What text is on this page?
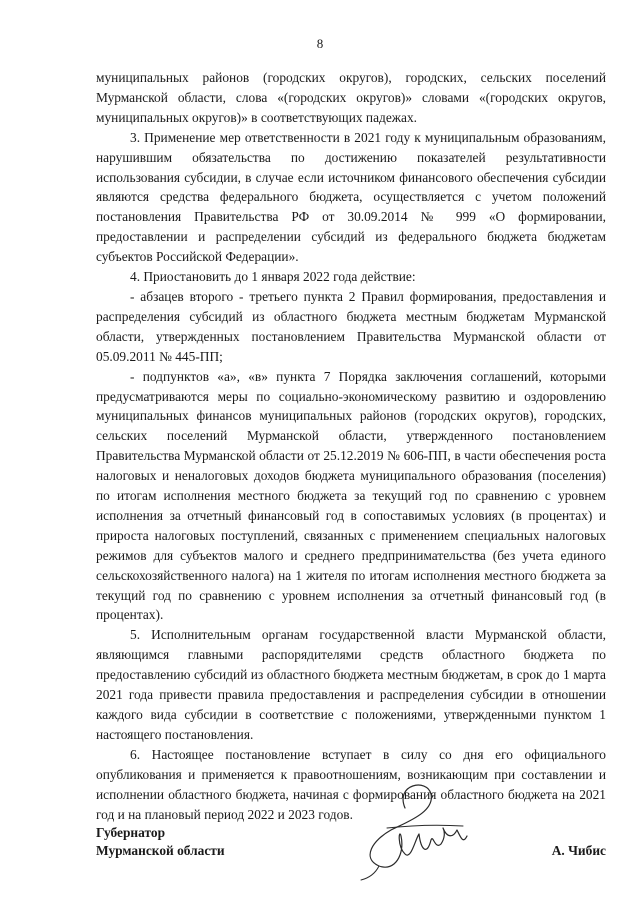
8

муниципальных районов (городских округов), городских, сельских поселений Мурманской области, слова «(городских округов)» словами «(городских округов, муниципальных округов)» в соответствующих падежах.

3. Применение мер ответственности в 2021 году к муниципальным образованиям, нарушившим обязательства по достижению показателей результативности использования субсидии, в случае если источником финансового обеспечения субсидии являются средства федерального бюджета, осуществляется с учетом положений постановления Правительства РФ от 30.09.2014 № 999 «О формировании, предоставлении и распределении субсидий из федерального бюджета бюджетам субъектов Российской Федерации».

4. Приостановить до 1 января 2022 года действие:

- абзацев второго - третьего пункта 2 Правил формирования, предоставления и распределения субсидий из областного бюджета местным бюджетам Мурманской области, утвержденных постановлением Правительства Мурманской области от 05.09.2011 № 445-ПП;

- подпунктов «а», «в» пункта 7 Порядка заключения соглашений, которыми предусматриваются меры по социально-экономическому развитию и оздоровлению муниципальных финансов муниципальных районов (городских округов), городских, сельских поселений Мурманской области, утвержденного постановлением Правительства Мурманской области от 25.12.2019 № 606-ПП, в части обеспечения роста налоговых и неналоговых доходов бюджета муниципального образования (поселения) по итогам исполнения местного бюджета за текущий год по сравнению с уровнем исполнения за отчетный финансовый год в сопоставимых условиях (в процентах) и прироста налоговых поступлений, связанных с применением специальных налоговых режимов для субъектов малого и среднего предпринимательства (без учета единого сельскохозяйственного налога) на 1 жителя по итогам исполнения местного бюджета за текущий год по сравнению с уровнем исполнения за отчетный финансовый год (в процентах).

5. Исполнительным органам государственной власти Мурманской области, являющимся главными распорядителями средств областного бюджета по предоставлению субсидий из областного бюджета местным бюджетам, в срок до 1 марта 2021 года привести правила предоставления и распределения субсидии в отношении каждого вида субсидии в соответствие с положениями, утвержденными пунктом 1 настоящего постановления.

6. Настоящее постановление вступает в силу со дня его официального опубликования и применяется к правоотношениям, возникающим при составлении и исполнении областного бюджета, начиная с формирования областного бюджета на 2021 год и на плановый период 2022 и 2023 годов.

Губернатор
Мурманской области	А. Чибис
